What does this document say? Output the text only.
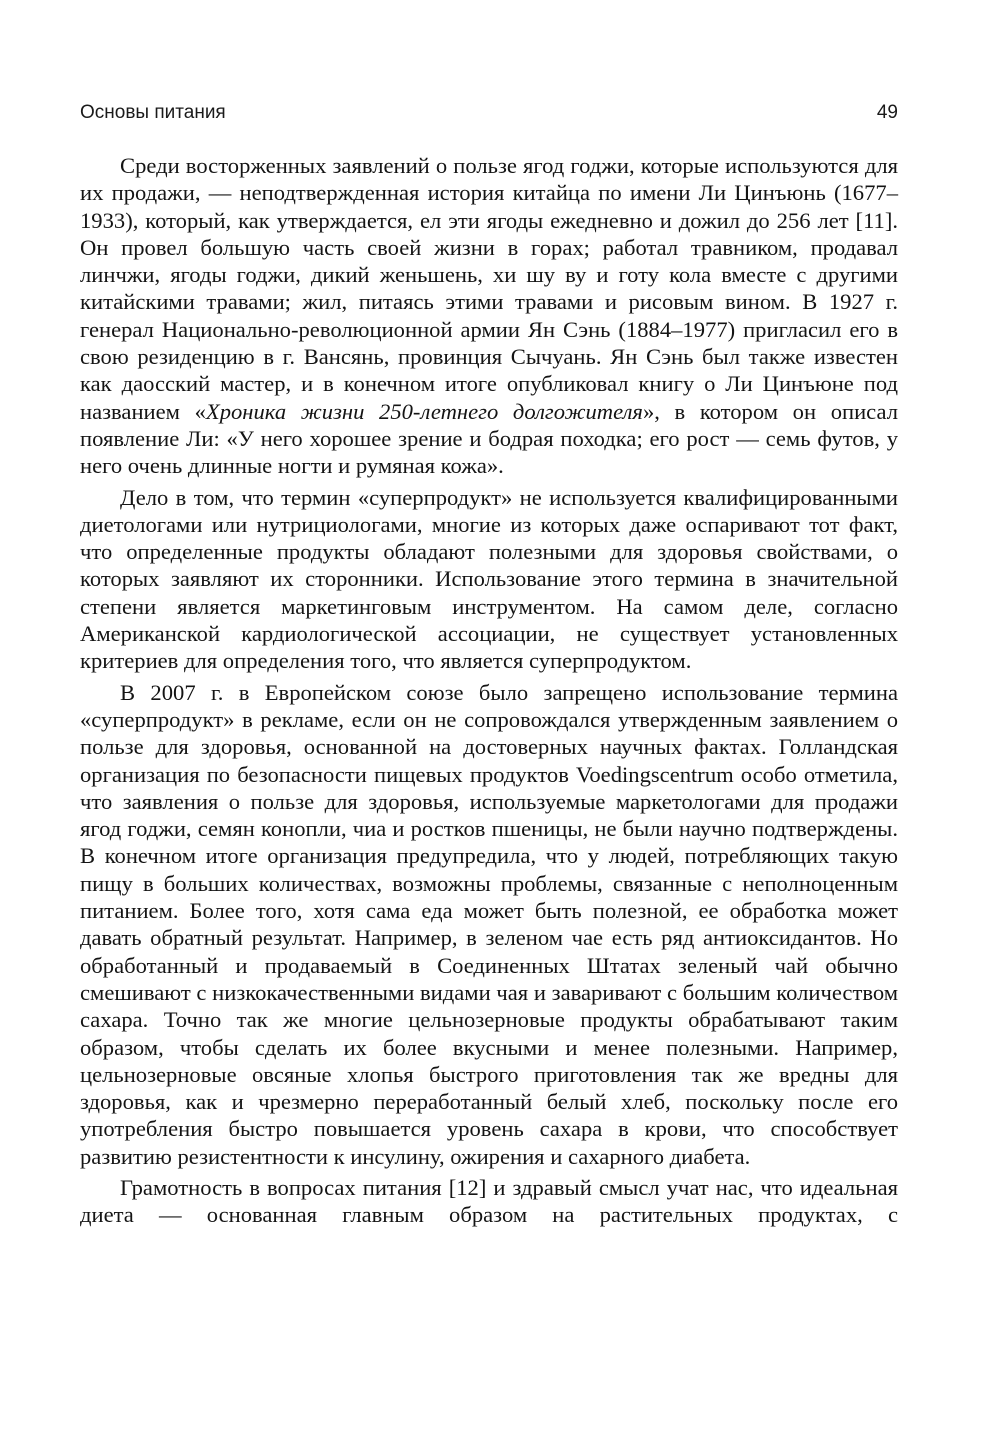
Основы питания	49

Среди восторженных заявлений о пользе ягод годжи, которые используются для их продажи, — неподтвержденная история китайца по имени Ли Цинъюнь (1677–1933), который, как утверждается, ел эти ягоды ежедневно и дожил до 256 лет [11]. Он провел большую часть своей жизни в горах; работал травником, продавал линчжи, ягоды годжи, дикий женьшень, хи шу ву и готу кола вместе с другими китайскими травами; жил, питаясь этими травами и рисовым вином. В 1927 г. генерал Национально-революционной армии Ян Сэнь (1884–1977) пригласил его в свою резиденцию в г. Вансянь, провинция Сычуань. Ян Сэнь был также известен как даосский мастер, и в конечном итоге опубликовал книгу о Ли Цинъюне под названием «Хроника жизни 250-летнего долгожителя», в котором он описал появление Ли: «У него хорошее зрение и бодрая походка; его рост — семь футов, у него очень длинные ногти и румяная кожа».

Дело в том, что термин «суперпродукт» не используется квалифицированными диетологами или нутрициологами, многие из которых даже оспаривают тот факт, что определенные продукты обладают полезными для здоровья свойствами, о которых заявляют их сторонники. Использование этого термина в значительной степени является маркетинговым инструментом. На самом деле, согласно Американской кардиологической ассоциации, не существует установленных критериев для определения того, что является суперпродуктом.

В 2007 г. в Европейском союзе было запрещено использование термина «суперпродукт» в рекламе, если он не сопровождался утвержденным заявлением о пользе для здоровья, основанной на достоверных научных фактах. Голландская организация по безопасности пищевых продуктов Voedingscentrum особо отметила, что заявления о пользе для здоровья, используемые маркетологами для продажи ягод годжи, семян конопли, чиа и ростков пшеницы, не были научно подтверждены. В конечном итоге организация предупредила, что у людей, потребляющих такую пищу в больших количествах, возможны проблемы, связанные с неполноценным питанием. Более того, хотя сама еда может быть полезной, ее обработка может давать обратный результат. Например, в зеленом чае есть ряд антиоксидантов. Но обработанный и продаваемый в Соединенных Штатах зеленый чай обычно смешивают с низкокачественными видами чая и заваривают с большим количеством сахара. Точно так же многие цельнозерновые продукты обрабатывают таким образом, чтобы сделать их более вкусными и менее полезными. Например, цельнозерновые овсяные хлопья быстрого приготовления так же вредны для здоровья, как и чрезмерно переработанный белый хлеб, поскольку после его употребления быстро повышается уровень сахара в крови, что способствует развитию резистентности к инсулину, ожирения и сахарного диабета.

Грамотность в вопросах питания [12] и здравый смысл учат нас, что идеальная диета — основанная главным образом на растительных продуктах, с
